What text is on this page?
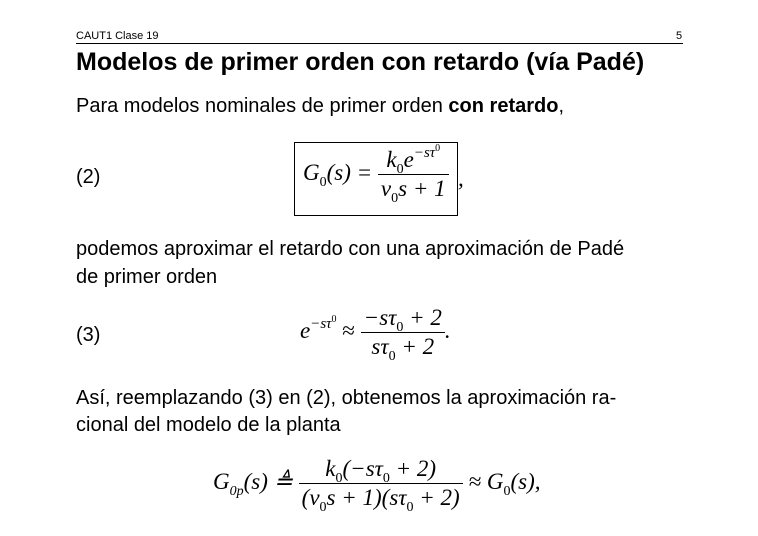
CAUT1 Clase 19	5
Modelos de primer orden con retardo (vía Padé)
Para modelos nominales de primer orden con retardo,
(2)	$G_0(s) = \frac{k_0e^{-s\tau^0}}{\nu_0s + 1}$ ,
podemos aproximar el retardo con una aproximación de Padé
de primer orden
(3)	$e^{-s\tau^0} \approx \frac{-s\tau_0 + 2}{s\tau_0 + 2}$ .
Así, reemplazando (3) en (2), obtenemos la aproximación ra-
cional del modelo de la planta
$G_{0p}(s)$ ≜ $\frac{k_0(-s\tau_0 + 2)}{(\nu_0s + 1)(s\tau_0 + 2)} \approx G_0(s)$,
